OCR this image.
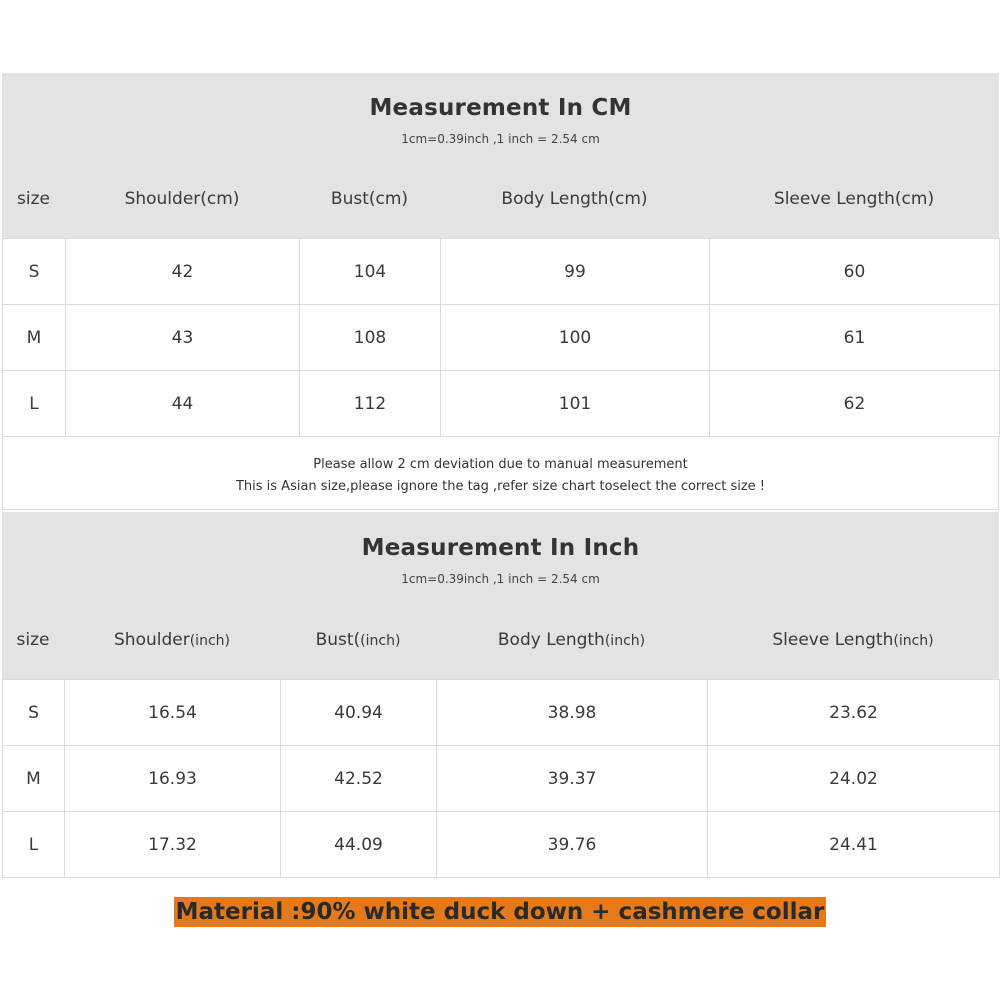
Measurement In CM
1cm=0.39inch ,1 inch = 2.54 cm
size	Shoulder(cm)	Bust(cm)	Body Length(cm)	Sleeve Length(cm)
S	42	104	99	60
M	43	108	100	61
L	44	112	101	62
Please allow 2 cm deviation due to manual measurement
This is Asian size,please ignore the tag ,refer size chart toselect the correct size !
Measurement In Inch
1cm=0.39inch ,1 inch = 2.54 cm
size	Shoulder(inch)	Bust((inch)	Body Length(inch)	Sleeve Length(inch)
S	16.54	40.94	38.98	23.62
M	16.93	42.52	39.37	24.02
L	17.32	44.09	39.76	24.41
Material :90% white duck down + cashmere collar
